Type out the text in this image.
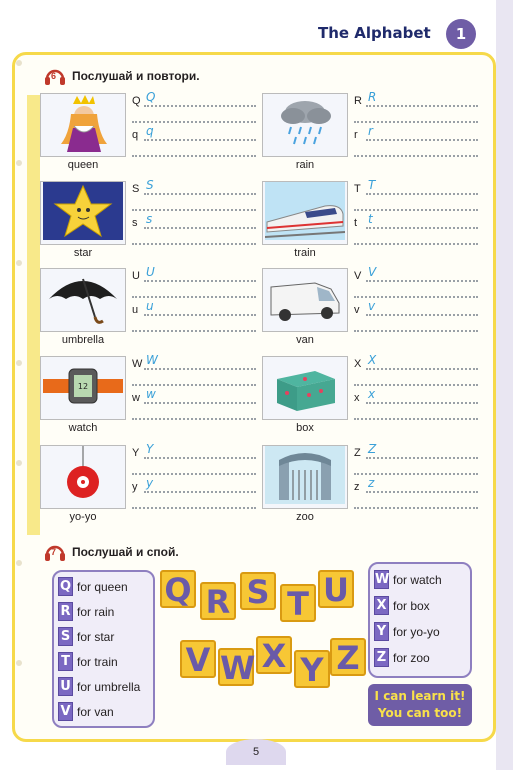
The Alphabet	1
6 Послушай и повтори.
queen
Q Q
q q
rain
R R
r r
star
S S
s s
train
T T
t t
umbrella
U U
u u
van
V V
v v
12
watch
W W
w w
box
X X
x x
yo-yo
Y Y
y y
zoo
Z Z
z z
7 Послушай и спой.
Q for queen
R for rain
S for star
T for train
U for umbrella
V for van
W for watch
X for box
Y for yo-yo
Z for zoo
Q R S T U
V W X Y Z
I can learn it!
You can too!
5
